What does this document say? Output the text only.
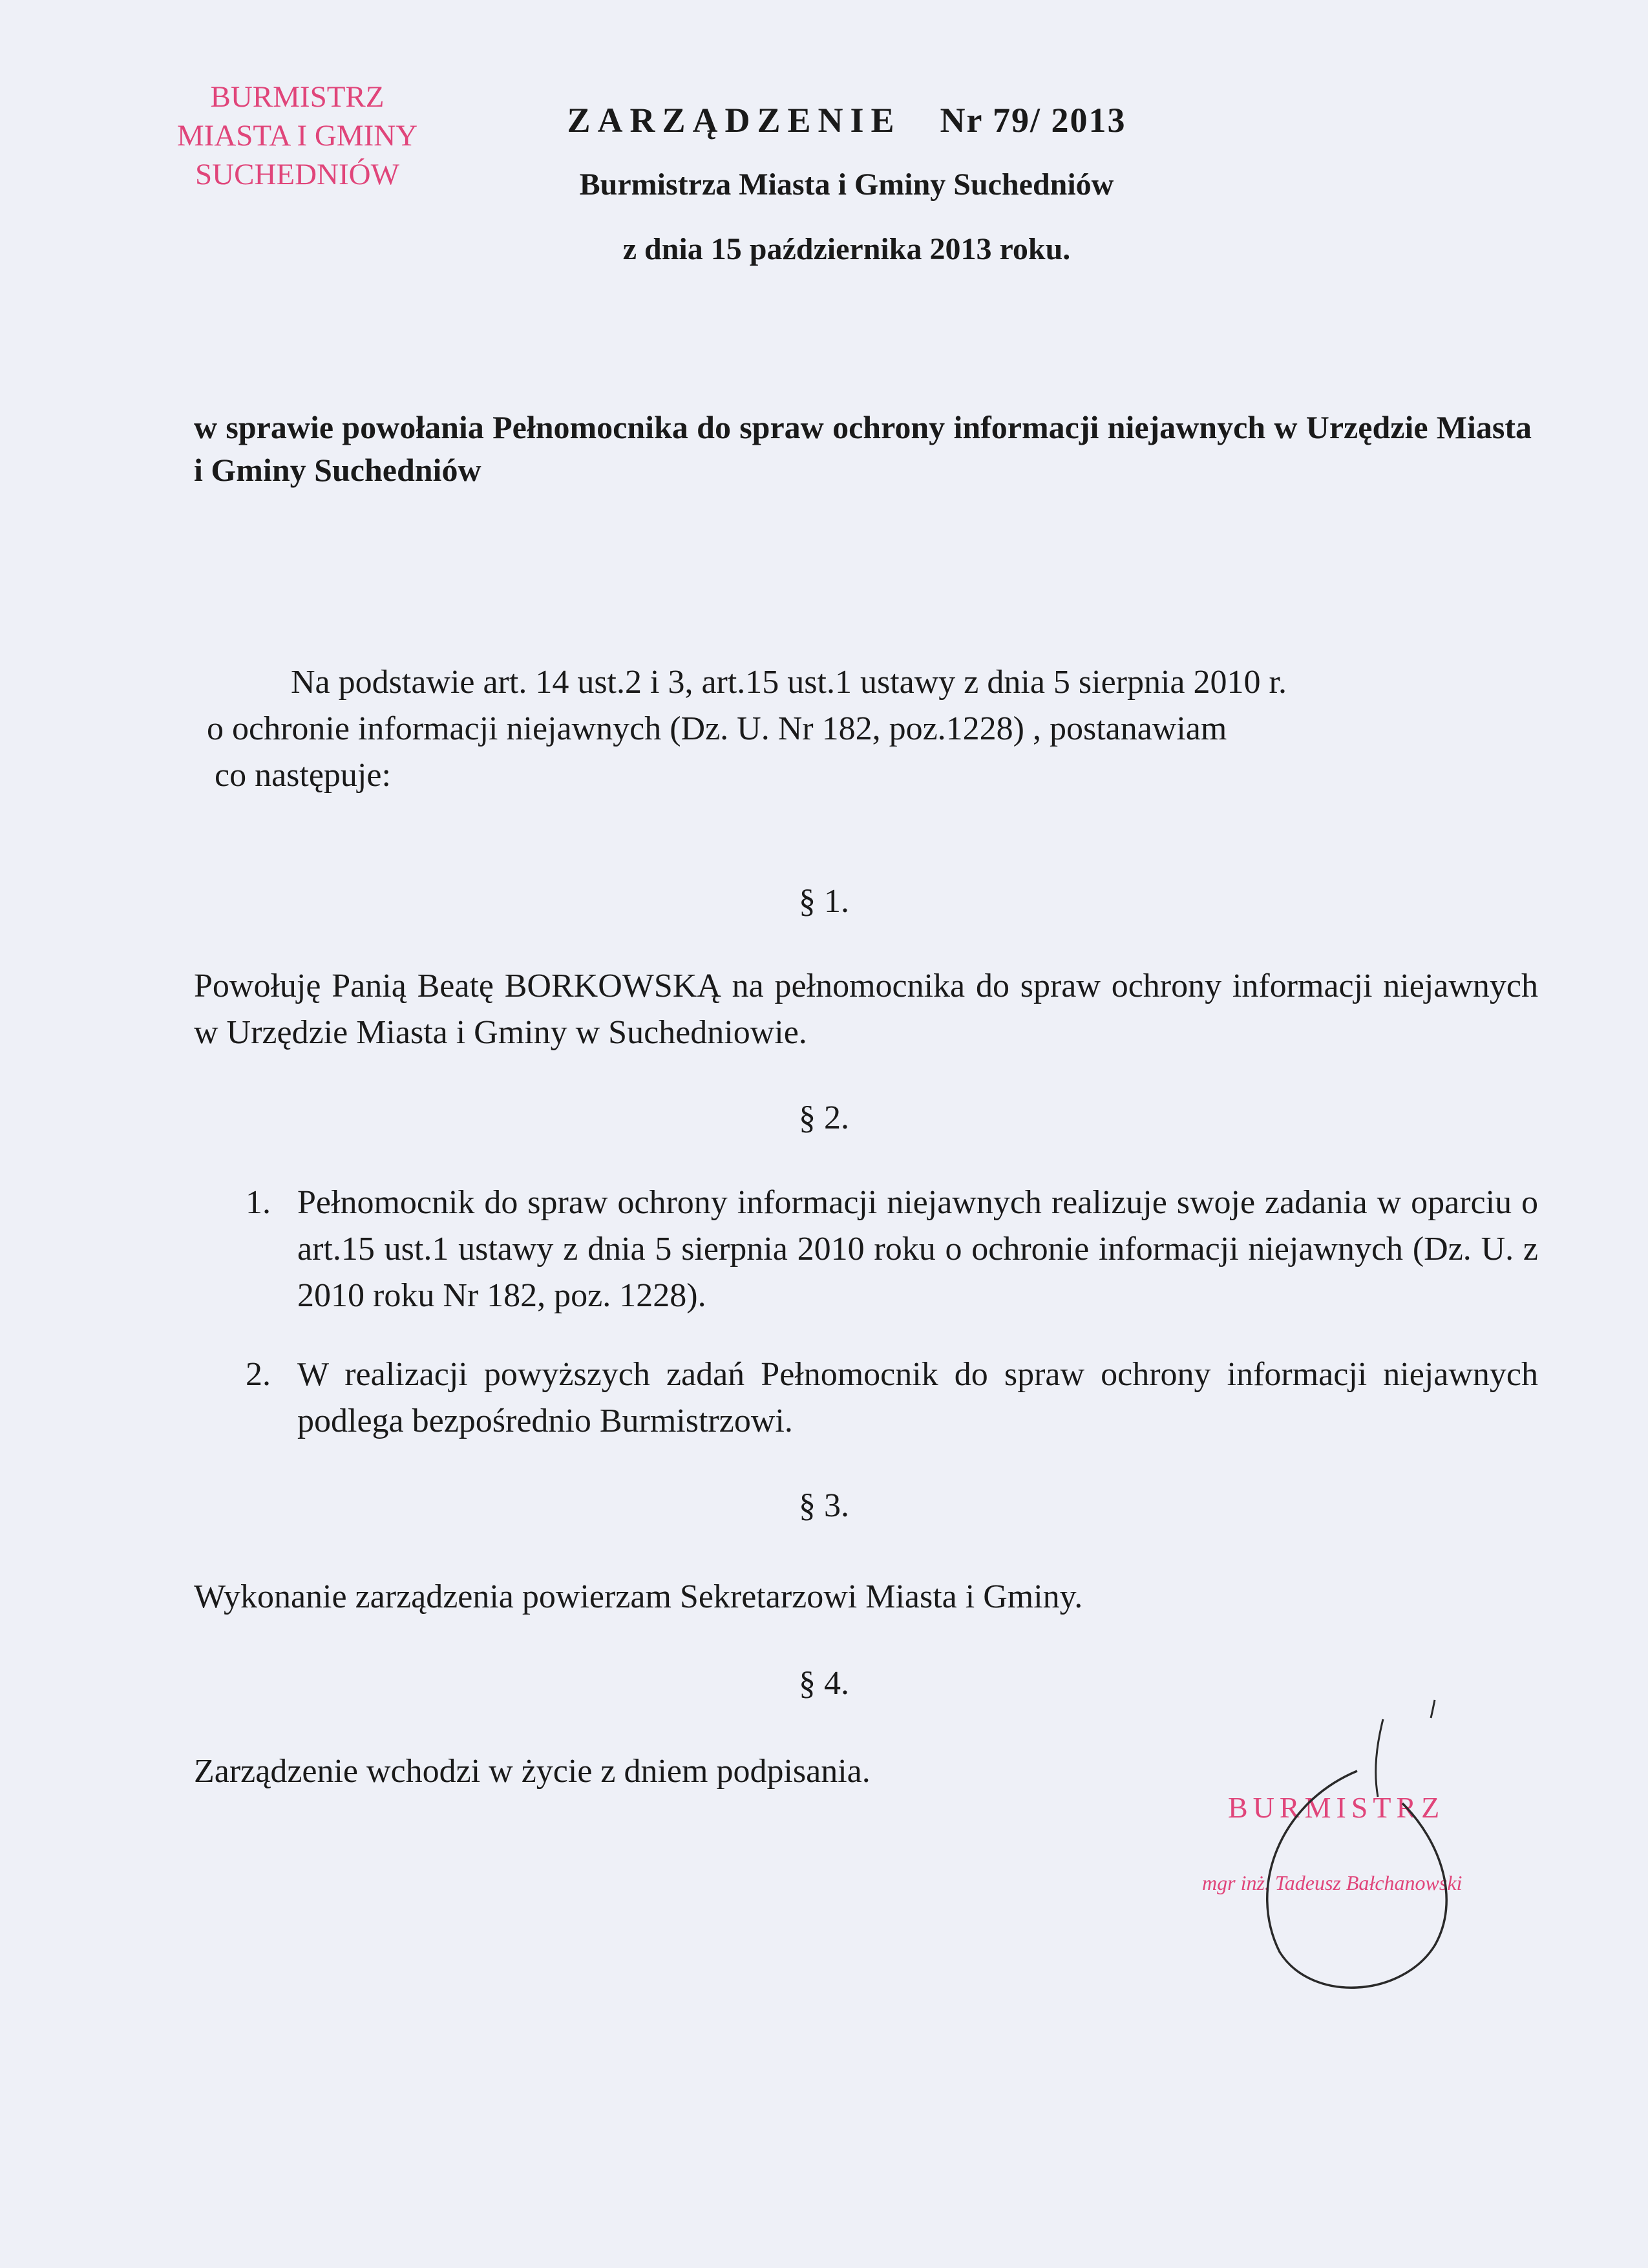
BURMISTRZ
MIASTA I GMINY
SUCHEDNIÓW
ZARZĄDZENIE Nr 79/ 2013
Burmistrza Miasta i Gminy Suchedniów
z dnia 15 października 2013 roku.
w sprawie powołania Pełnomocnika do spraw ochrony informacji niejawnych w Urzędzie Miasta i Gminy Suchedniów
Na podstawie art. 14 ust.2 i 3, art.15 ust.1 ustawy z dnia 5 sierpnia 2010 r.
o ochronie informacji niejawnych (Dz. U. Nr 182, poz.1228) , postanawiam
co następuje:
§ 1.
Powołuję Panią Beatę BORKOWSKĄ na pełnomocnika do spraw ochrony informacji niejawnych w Urzędzie Miasta i Gminy w Suchedniowie.
§ 2.
1. Pełnomocnik do spraw ochrony informacji niejawnych realizuje swoje zadania w oparciu o art.15 ust.1 ustawy z dnia 5 sierpnia 2010 roku o ochronie informacji niejawnych (Dz. U. z 2010 roku Nr 182, poz. 1228).
2. W realizacji powyższych zadań Pełnomocnik do spraw ochrony informacji niejawnych podlega bezpośrednio Burmistrzowi.
§ 3.
Wykonanie zarządzenia powierzam Sekretarzowi Miasta i Gminy.
§ 4.
Zarządzenie wchodzi w życie z dniem podpisania.
BURMISTRZ
mgr inż. Tadeusz Bałchanowski
